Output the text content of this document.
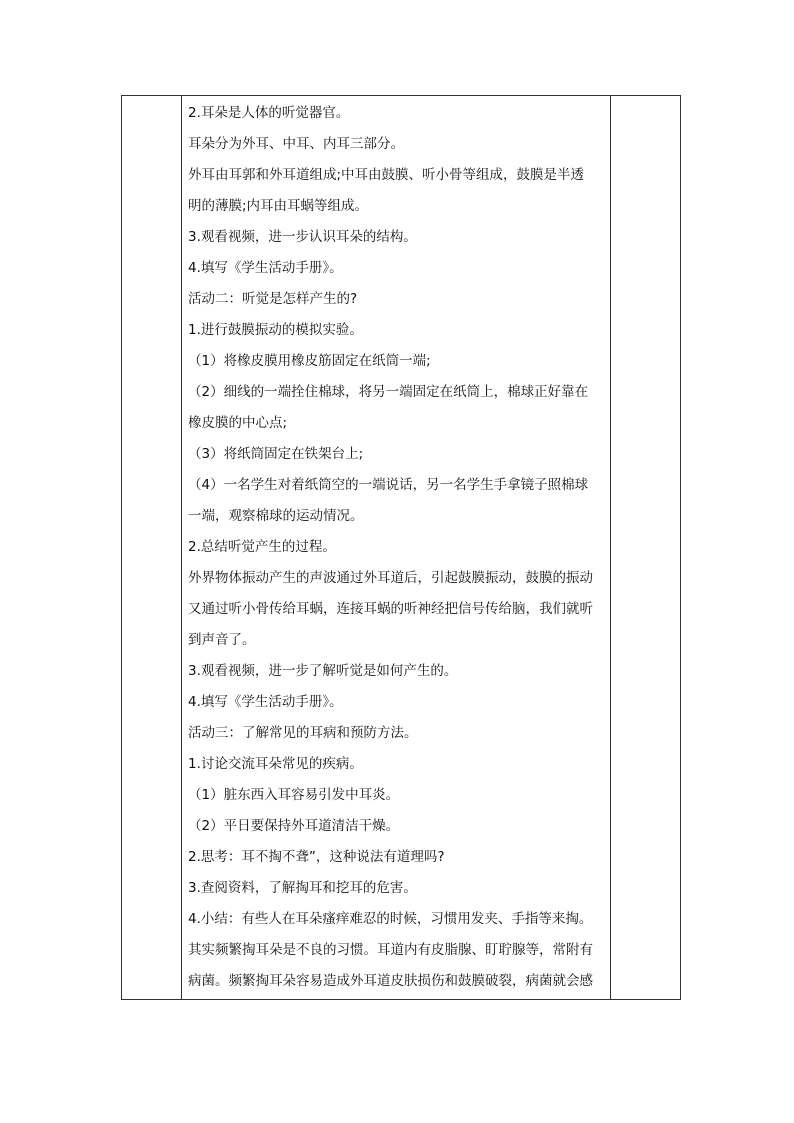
2.耳朵是人体的听觉器官。
耳朵分为外耳、中耳、内耳三部分。
外耳由耳郭和外耳道组成;中耳由鼓膜、听小骨等组成，鼓膜是半透
明的薄膜;内耳由耳蜗等组成。
3.观看视频，进一步认识耳朵的结构。
4.填写《学生活动手册》。
活动二：听觉是怎样产生的?
1.进行鼓膜振动的模拟实验。
（1）将橡皮膜用橡皮筋固定在纸筒一端;
（2）细线的一端拴住棉球，将另一端固定在纸筒上，棉球正好靠在
橡皮膜的中心点;
（3）将纸筒固定在铁架台上;
（4）一名学生对着纸筒空的一端说话，另一名学生手拿镜子照棉球
一端，观察棉球的运动情况。
2.总结听觉产生的过程。
外界物体振动产生的声波通过外耳道后，引起鼓膜振动，鼓膜的振动
又通过听小骨传给耳蜗，连接耳蜗的听神经把信号传给脑，我们就听
到声音了。
3.观看视频，进一步了解听觉是如何产生的。
4.填写《学生活动手册》。
活动三：了解常见的耳病和预防方法。
1.讨论交流耳朵常见的疾病。
（1）脏东西入耳容易引发中耳炎。
（2）平日要保持外耳道清洁干燥。
2.思考：耳不掏不聋”，这种说法有道理吗?
3.查阅资料，了解掏耳和挖耳的危害。
4.小结：有些人在耳朵瘙痒难忍的时候，习惯用发夹、手指等来掏。
其实频繁掏耳朵是不良的习惯。耳道内有皮脂腺、盯聍腺等，常附有
病菌。频繁掏耳朵容易造成外耳道皮肤损伤和鼓膜破裂，病菌就会感
